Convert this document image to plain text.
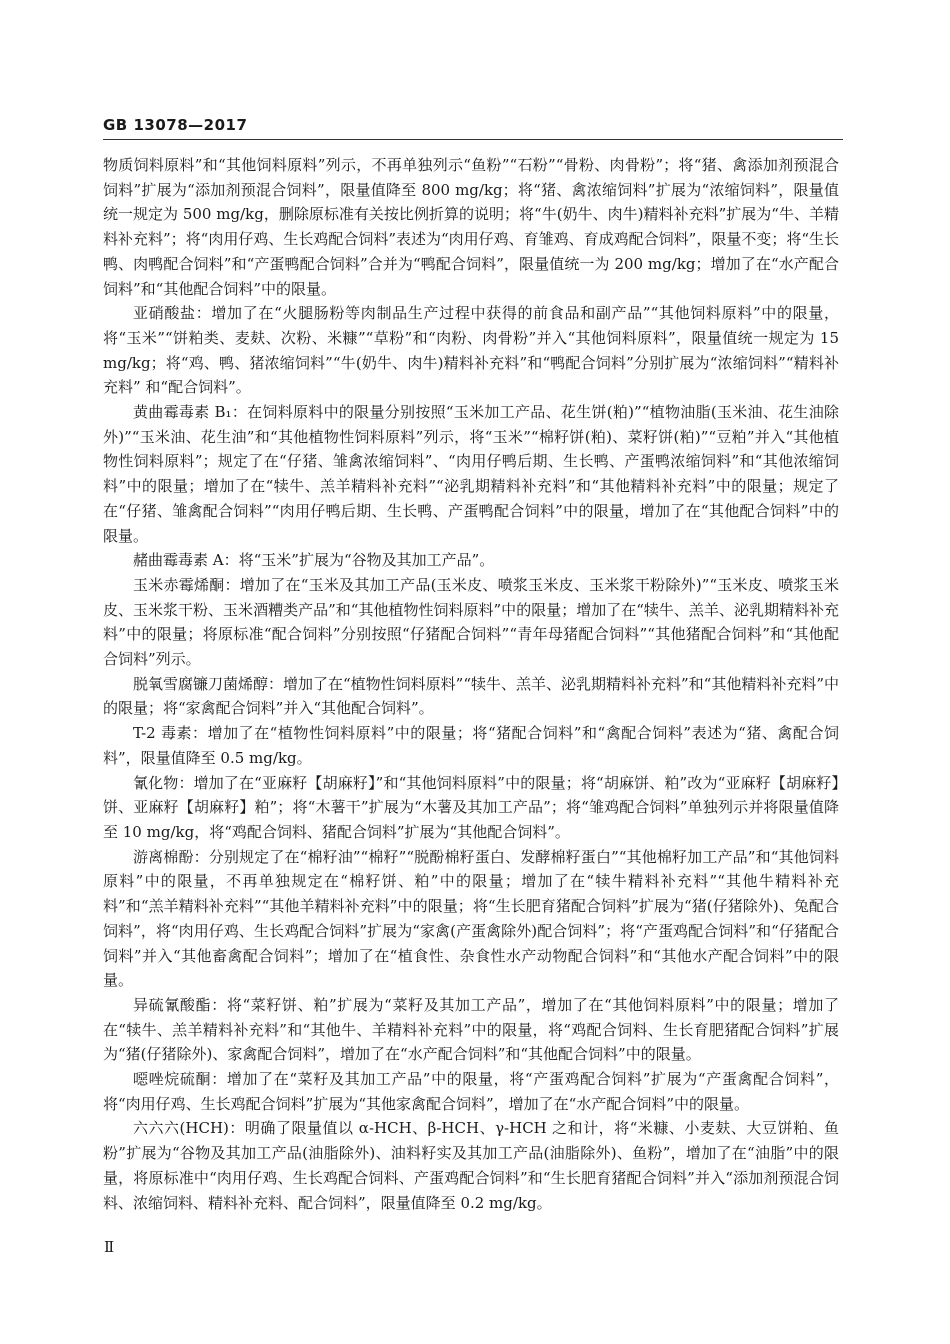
GB 13078—2017

物质饲料原料”和“其他饲料原料”列示，不再单独列示“鱼粉”“石粉”“骨粉、肉骨粉”；将“猪、禽添加剂预混合饲料”扩展为“添加剂预混合饲料”，限量值降至 800 mg/kg；将“猪、禽浓缩饲料”扩展为“浓缩饲料”，限量值统一规定为 500 mg/kg，删除原标准有关按比例折算的说明；将“牛(奶牛、肉牛)精料补充料”扩展为“牛、羊精料补充料”；将“肉用仔鸡、生长鸡配合饲料”表述为“肉用仔鸡、育雏鸡、育成鸡配合饲料”，限量不变；将“生长鸭、肉鸭配合饲料”和“产蛋鸭配合饲料”合并为“鸭配合饲料”，限量值统一为 200 mg/kg；增加了在“水产配合饲料”和“其他配合饲料”中的限量。

亚硝酸盐：增加了在“火腿肠粉等肉制品生产过程中获得的前食品和副产品”“其他饲料原料”中的限量，将“玉米”“饼粕类、麦麸、次粉、米糠”“草粉”和“肉粉、肉骨粉”并入“其他饲料原料”，限量值统一规定为 15 mg/kg；将“鸡、鸭、猪浓缩饲料”“牛(奶牛、肉牛)精料补充料”和“鸭配合饲料”分别扩展为“浓缩饲料”“精料补充料” 和“配合饲料”。

黄曲霉毒素 B₁：在饲料原料中的限量分别按照“玉米加工产品、花生饼(粕)”“植物油脂(玉米油、花生油除外)”“玉米油、花生油”和“其他植物性饲料原料”列示，将“玉米”“棉籽饼(粕)、菜籽饼(粕)”“豆粕”并入“其他植物性饲料原料”；规定了在“仔猪、雏禽浓缩饲料”、“肉用仔鸭后期、生长鸭、产蛋鸭浓缩饲料”和“其他浓缩饲料”中的限量；增加了在“犊牛、羔羊精料补充料”“泌乳期精料补充料”和“其他精料补充料”中的限量；规定了在“仔猪、雏禽配合饲料”“肉用仔鸭后期、生长鸭、产蛋鸭配合饲料”中的限量，增加了在“其他配合饲料”中的限量。

赭曲霉毒素 A：将“玉米”扩展为“谷物及其加工产品”。

玉米赤霉烯酮：增加了在“玉米及其加工产品(玉米皮、喷浆玉米皮、玉米浆干粉除外)”“玉米皮、喷浆玉米皮、玉米浆干粉、玉米酒糟类产品”和“其他植物性饲料原料”中的限量；增加了在“犊牛、羔羊、泌乳期精料补充料”中的限量；将原标准“配合饲料”分别按照“仔猪配合饲料”“青年母猪配合饲料”“其他猪配合饲料”和“其他配合饲料”列示。

脱氧雪腐镰刀菌烯醇：增加了在“植物性饲料原料”“犊牛、羔羊、泌乳期精料补充料”和“其他精料补充料”中的限量；将“家禽配合饲料”并入“其他配合饲料”。

T-2 毒素：增加了在“植物性饲料原料”中的限量；将“猪配合饲料”和“禽配合饲料”表述为“猪、禽配合饲料”，限量值降至 0.5 mg/kg。

氰化物：增加了在“亚麻籽【胡麻籽】”和“其他饲料原料”中的限量；将“胡麻饼、粕”改为“亚麻籽【胡麻籽】饼、亚麻籽【胡麻籽】粕”；将“木薯干”扩展为“木薯及其加工产品”；将“雏鸡配合饲料”单独列示并将限量值降至 10 mg/kg，将“鸡配合饲料、猪配合饲料”扩展为“其他配合饲料”。

游离棉酚：分别规定了在“棉籽油”“棉籽”“脱酚棉籽蛋白、发酵棉籽蛋白”“其他棉籽加工产品”和“其他饲料原料”中的限量，不再单独规定在“棉籽饼、粕”中的限量；增加了在“犊牛精料补充料”“其他牛精料补充料”和“羔羊精料补充料”“其他羊精料补充料”中的限量；将“生长肥育猪配合饲料”扩展为“猪(仔猪除外)、兔配合饲料”，将“肉用仔鸡、生长鸡配合饲料”扩展为“家禽(产蛋禽除外)配合饲料”；将“产蛋鸡配合饲料”和“仔猪配合饲料”并入“其他畜禽配合饲料”；增加了在“植食性、杂食性水产动物配合饲料”和“其他水产配合饲料”中的限量。

异硫氰酸酯：将“菜籽饼、粕”扩展为“菜籽及其加工产品”，增加了在“其他饲料原料”中的限量；增加了在“犊牛、羔羊精料补充料”和“其他牛、羊精料补充料”中的限量，将“鸡配合饲料、生长育肥猪配合饲料”扩展为“猪(仔猪除外)、家禽配合饲料”，增加了在“水产配合饲料”和“其他配合饲料”中的限量。

噁唑烷硫酮：增加了在“菜籽及其加工产品”中的限量，将“产蛋鸡配合饲料”扩展为“产蛋禽配合饲料”，将“肉用仔鸡、生长鸡配合饲料”扩展为“其他家禽配合饲料”，增加了在“水产配合饲料”中的限量。

六六六(HCH)：明确了限量值以 α-HCH、β-HCH、γ-HCH 之和计，将“米糠、小麦麸、大豆饼粕、鱼粉”扩展为“谷物及其加工产品(油脂除外)、油料籽实及其加工产品(油脂除外)、鱼粉”，增加了在“油脂”中的限量，将原标准中“肉用仔鸡、生长鸡配合饲料、产蛋鸡配合饲料”和“生长肥育猪配合饲料”并入“添加剂预混合饲料、浓缩饲料、精料补充料、配合饲料”，限量值降至 0.2 mg/kg。

Ⅱ
